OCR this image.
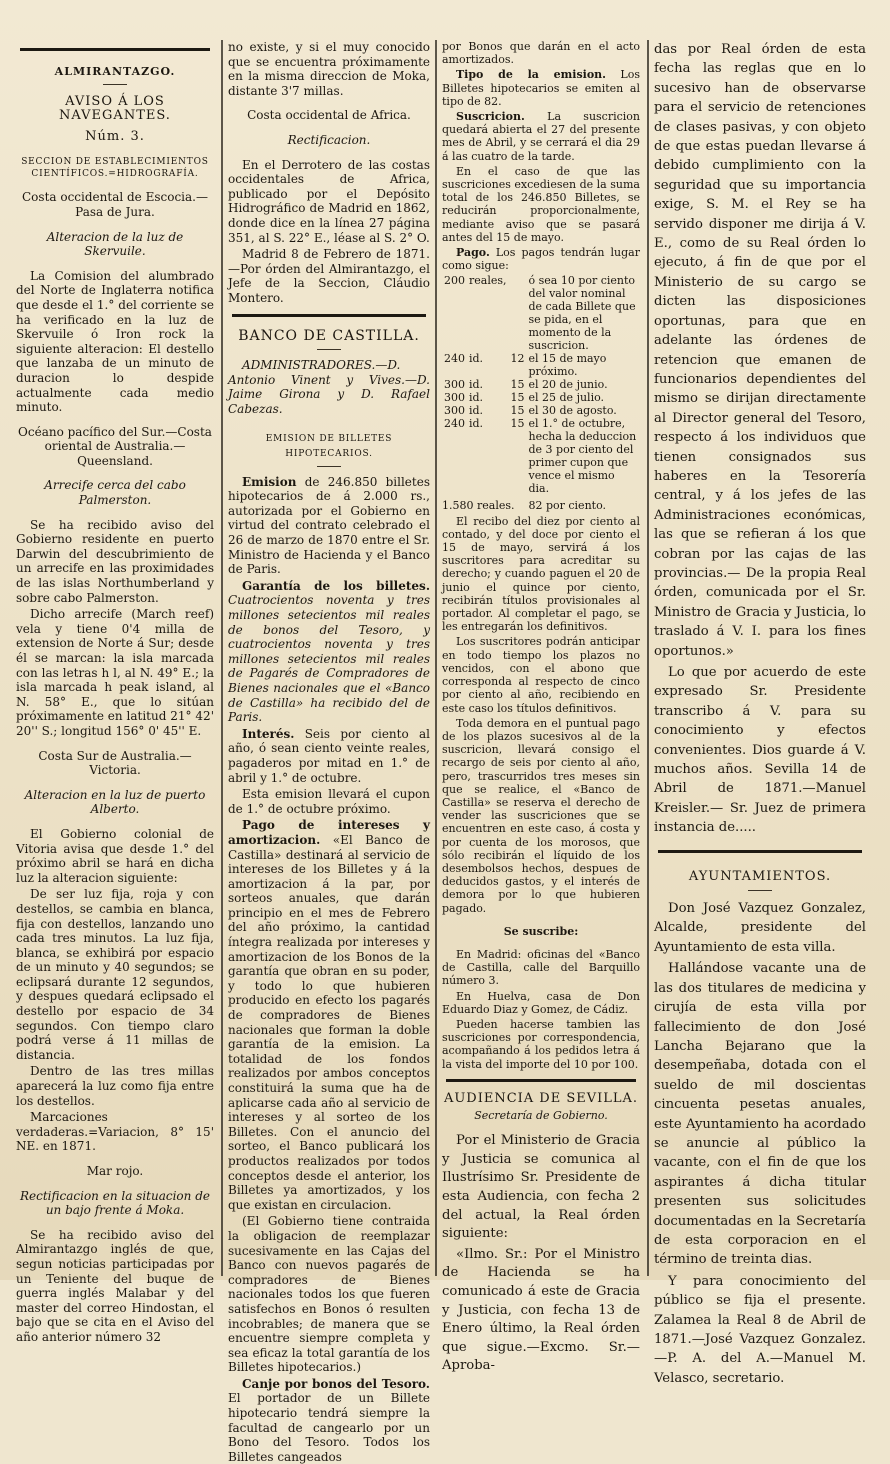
ALMIRANTAZGO.
AVISO Á LOS NAVEGANTES.
Núm. 3.
SECCION DE ESTABLECIMIENTOS CIENTÍFICOS.=HIDROGRAFÍA.

Costa occidental de Escocia.—Pasa de Jura.

Alteracion de la luz de Skervuile.

La Comision del alumbrado del Norte de Inglaterra notifica que desde el 1.° del corriente se ha verificado en la luz de Skervuile ó Iron rock la siguiente alteracion: El destello que lanzaba de un minuto de duracion lo despide actualmente cada medio minuto.

Océano pacífico del Sur.—Costa oriental de Australia.—Queensland.

Arrecife cerca del cabo Palmerston.

Se ha recibido aviso del Gobierno residente en puerto Darwin del descubrimiento de un arrecife en las proximidades de las islas Northumberland y sobre cabo Palmerston.

Dicho arrecife (March reef) vela y tiene 0'4 milla de extension de Norte á Sur; desde él se marcan: la isla marcada con las letras h l, al N. 49° E.; la isla marcada h peak island, al N. 58° E., que lo sitúan próximamente en latitud 21° 42' 20'' S.; longitud 156° 0' 45'' E.

Costa Sur de Australia.—Victoria.

Alteracion en la luz de puerto Alberto.

El Gobierno colonial de Vitoria avisa que desde 1.° del próximo abril se hará en dicha luz la alteracion siguiente:

De ser luz fija, roja y con destellos, se cambia en blanca, fija con destellos, lanzando uno cada tres minutos. La luz fija, blanca, se exhibirá por espacio de un minuto y 40 segundos; se eclipsará durante 12 segundos, y despues quedará eclipsado el destello por espacio de 34 segundos. Con tiempo claro podrá verse á 11 millas de distancia.

Dentro de las tres millas aparecerá la luz como fija entre los destellos.

Marcaciones verdaderas.=Variacion, 8° 15' NE. en 1871.

Mar rojo.

Rectificacion en la situacion de un bajo frente á Moka.

Se ha recibido aviso del Almirantazgo inglés de que, segun noticias participadas por un Teniente del buque de guerra inglés Malabar y del master del correo Hindostan, el bajo que se cita en el Aviso del año anterior número 32

no existe, y si el muy conocido que se encuentra próximamente en la misma direccion de Moka, distante 3'7 millas.

Costa occidental de Africa.

Rectificacion.

En el Derrotero de las costas occidentales de Africa, publicado por el Depósito Hidrográfico de Madrid en 1862, donde dice en la línea 27 página 351, al S. 22° E., léase al S. 2° O.

Madrid 8 de Febrero de 1871. —Por órden del Almirantazgo, el Jefe de la Seccion, Cláudio Montero.

BANCO DE CASTILLA.

ADMINISTRADORES.—D. Antonio Vinent y Vives.—D. Jaime Girona y D. Rafael Cabezas.

EMISION DE BILLETES HIPOTECARIOS.

Emision de 246.850 billetes hipotecarios de á 2.000 rs., autorizada por el Gobierno en virtud del contrato celebrado el 26 de marzo de 1870 entre el Sr. Ministro de Hacienda y el Banco de Paris.

Garantía de los billetes. Cuatrocientos noventa y tres millones setecientos mil reales de bonos del Tesoro, y cuatrocientos noventa y tres millones setecientos mil reales de Pagarés de Compradores de Bienes nacionales que el «Banco de Castilla» ha recibido del de Paris.

Interés. Seis por ciento al año, ó sean ciento veinte reales, pagaderos por mitad en 1.° de abril y 1.° de octubre.

Esta emision llevará el cupon de 1.° de octubre próximo.

Pago de intereses y amortizacion. «El Banco de Castilla» destinará al servicio de intereses de los Billetes y á la amortizacion á la par, por sorteos anuales, que darán principio en el mes de Febrero del año próximo, la cantidad íntegra realizada por intereses y amortizacion de los Bonos de la garantía que obran en su poder, y todo lo que hubieren producido en efecto los pagarés de compradores de Bienes nacionales que forman la doble garantía de la emision. La totalidad de los fondos realizados por ambos conceptos constituirá la suma que ha de aplicarse cada año al servicio de intereses y al sorteo de los Billetes. Con el anuncio del sorteo, el Banco publicará los productos realizados por todos conceptos desde el anterior, los Billetes ya amortizados, y los que existan en circulacion.

(El Gobierno tiene contraida la obligacion de reemplazar sucesivamente en las Cajas del Banco con nuevos pagarés de compradores de Bienes nacionales todos los que fueren satisfechos en Bonos ó resulten incobrables; de manera que se encuentre siempre completa y sea eficaz la total garantía de los Billetes hipotecarios.)

Canje por bonos del Tesoro. El portador de un Billete hipotecario tendrá siempre la facultad de cangearlo por un Bono del Tesoro. Todos los Billetes cangeados

por Bonos que darán en el acto amortizados.

Tipo de la emision. Los Billetes hipotecarios se emiten al tipo de 82.

Suscricion. La suscricion quedará abierta el 27 del presente mes de Abril, y se cerrará el dia 29 á las cuatro de la tarde.

En el caso de que las suscriciones excediesen de la suma total de los 246.850 Billetes, se reducirán proporcionalmente, mediante aviso que se pasará antes del 15 de mayo.

Pago. Los pagos tendrán lugar como sigue:

200	reales,		ó sea 10 por ciento del valor nominal de cada Billete que se pida, en el momento de la suscricion.
240	id.	12	el 15 de mayo próximo.
300	id.	15	el 20 de junio.
300	id.	15	el 25 de julio.
300	id.	15	el 30 de agosto.
240	id.	15	el 1.° de octubre, hecha la deduccion de 3 por ciento del primer cupon que vence el mismo dia.

1.580 reales.    82 por ciento.

El recibo del diez por ciento al contado, y del doce por ciento el 15 de mayo, servirá á los suscritores para acreditar su derecho; y cuando paguen el 20 de junio el quince por ciento, recibirán títulos provisionales al portador. Al completar el pago, se les entregarán los definitivos.

Los suscritores podrán anticipar en todo tiempo los plazos no vencidos, con el abono que corresponda al respecto de cinco por ciento al año, recibiendo en este caso los títulos definitivos.

Toda demora en el puntual pago de los plazos sucesivos al de la suscricion, llevará consigo el recargo de seis por ciento al año, pero, trascurridos tres meses sin que se realice, el «Banco de Castilla» se reserva el derecho de vender las suscriciones que se encuentren en este caso, á costa y por cuenta de los morosos, que sólo recibirán el líquido de los desembolsos hechos, despues de deducidos gastos, y el interés de demora por lo que hubieren pagado.

Se suscribe:

En Madrid: oficinas del «Banco de Castilla, calle del Barquillo número 3.

En Huelva, casa de Don Eduardo Diaz y Gomez, de Cádiz.

Pueden hacerse tambien las suscriciones por correspondencia, acompañando á los pedidos letra á la vista del importe del 10 por 100.

AUDIENCIA DE SEVILLA.

Secretaría de Gobierno.

Por el Ministerio de Gracia y Justicia se comunica al Ilustrísimo Sr. Presidente de esta Audiencia, con fecha 2 del actual, la Real órden siguiente:

«Ilmo. Sr.: Por el Ministro de Hacienda se ha comunicado á este de Gracia y Justicia, con fecha 13 de Enero último, la Real órden que sigue.—Excmo. Sr.—Aproba-

das por Real órden de esta fecha las reglas que en lo sucesivo han de observarse para el servicio de retenciones de clases pasivas, y con objeto de que estas puedan llevarse á debido cumplimiento con la seguridad que su importancia exige, S. M. el Rey se ha servido disponer me dirija á V. E., como de su Real órden lo ejecuto, á fin de que por el Ministerio de su cargo se dicten las disposiciones oportunas, para que en adelante las órdenes de retencion que emanen de funcionarios dependientes del mismo se dirijan directamente al Director general del Tesoro, respecto á los individuos que tienen consignados sus haberes en la Tesorería central, y á los jefes de las Administraciones económicas, las que se refieran á los que cobran por las cajas de las provincias.— De la propia Real órden, comunicada por el Sr. Ministro de Gracia y Justicia, lo traslado á V. I. para los fines oportunos.»

Lo que por acuerdo de este expresado Sr. Presidente transcribo á V. para su conocimiento y efectos convenientes. Dios guarde á V. muchos años. Sevilla 14 de Abril de 1871.—Manuel Kreisler.— Sr. Juez de primera instancia de.....

AYUNTAMIENTOS.

Don José Vazquez Gonzalez, Alcalde, presidente del Ayuntamiento de esta villa.

Hallándose vacante una de las dos titulares de medicina y cirujía de esta villa por fallecimiento de don José Lancha Bejarano que la desempeñaba, dotada con el sueldo de mil doscientas cincuenta pesetas anuales, este Ayuntamiento ha acordado se anuncie al público la vacante, con el fin de que los aspirantes á dicha titular presenten sus solicitudes documentadas en la Secretaría de esta corporacion en el término de treinta dias.

Y para conocimiento del público se fija el presente. Zalamea la Real 8 de Abril de 1871.—José Vazquez Gonzalez.—P. A. del A.—Manuel M. Velasco, secretario.
